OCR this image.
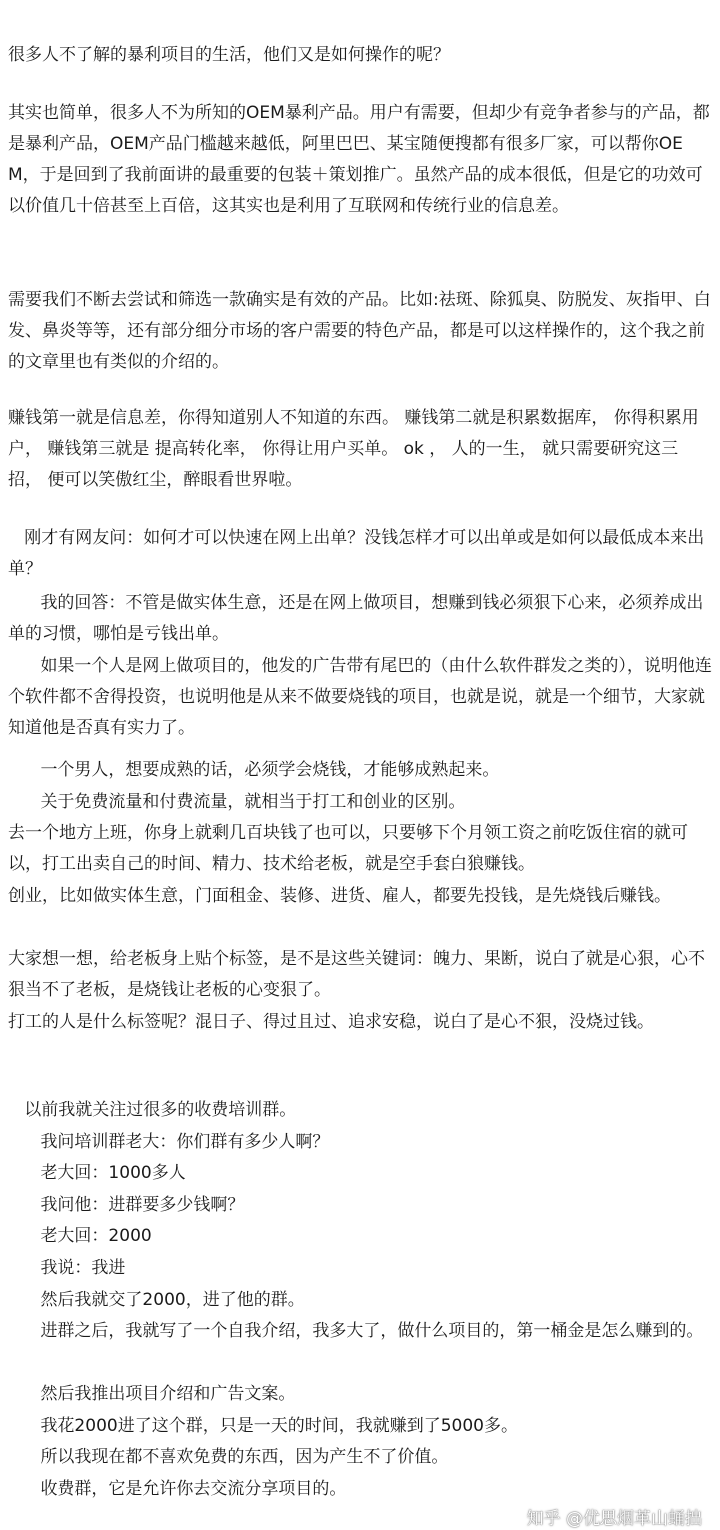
很多人不了解的暴利项目的生活，他们又是如何操作的呢？

其实也简单，很多人不为所知的OEM暴利产品。用户有需要，但却少有竞争者参与的产品，都是暴利产品，OEM产品门槛越来越低，阿里巴巴、某宝随便搜都有很多厂家，可以帮你OEM，于是回到了我前面讲的最重要的包装＋策划推广。虽然产品的成本很低，但是它的功效可以价值几十倍甚至上百倍，这其实也是利用了互联网和传统行业的信息差。

需要我们不断去尝试和筛选一款确实是有效的产品。比如:祛斑、除狐臭、防脱发、灰指甲、白发、鼻炎等等，还有部分细分市场的客户需要的特色产品，都是可以这样操作的，这个我之前的文章里也有类似的介绍的。

赚钱第一就是信息差，你得知道别人不知道的东西。 赚钱第二就是积累数据库， 你得积累用户， 赚钱第三就是 提高转化率， 你得让用户买单。 ok ， 人的一生， 就只需要研究这三招， 便可以笑傲红尘，醉眼看世界啦。

刚才有网友问：如何才可以快速在网上出单？没钱怎样才可以出单或是如何以最低成本来出单？

我的回答：不管是做实体生意，还是在网上做项目，想赚到钱必须狠下心来，必须养成出单的习惯，哪怕是亏钱出单。

如果一个人是网上做项目的，他发的广告带有尾巴的（由什么软件群发之类的），说明他连个软件都不舍得投资，也说明他是从来不做要烧钱的项目，也就是说，就是一个细节，大家就知道他是否真有实力了。

一个男人，想要成熟的话，必须学会烧钱，才能够成熟起来。

关于免费流量和付费流量，就相当于打工和创业的区别。

去一个地方上班，你身上就剩几百块钱了也可以，只要够下个月领工资之前吃饭住宿的就可以，打工出卖自己的时间、精力、技术给老板，就是空手套白狼赚钱。

创业，比如做实体生意，门面租金、装修、进货、雇人，都要先投钱，是先烧钱后赚钱。

大家想一想，给老板身上贴个标签，是不是这些关键词：魄力、果断，说白了就是心狠，心不狠当不了老板，是烧钱让老板的心变狠了。

打工的人是什么标签呢？混日子、得过且过、追求安稳，说白了是心不狠，没烧过钱。

以前我就关注过很多的收费培训群。

我问培训群老大：你们群有多少人啊？

老大回：1000多人

我问他：进群要多少钱啊？

老大回：2000

我说：我进

然后我就交了2000，进了他的群。

进群之后，我就写了一个自我介绍，我多大了，做什么项目的，第一桶金是怎么赚到的。

然后我推出项目介绍和广告文案。

我花2000进了这个群，只是一天的时间，我就赚到了5000多。

所以我现在都不喜欢免费的东西，因为产生不了价值。

收费群，它是允许你去交流分享项目的。

知乎 @优思烟革山蛹拙
